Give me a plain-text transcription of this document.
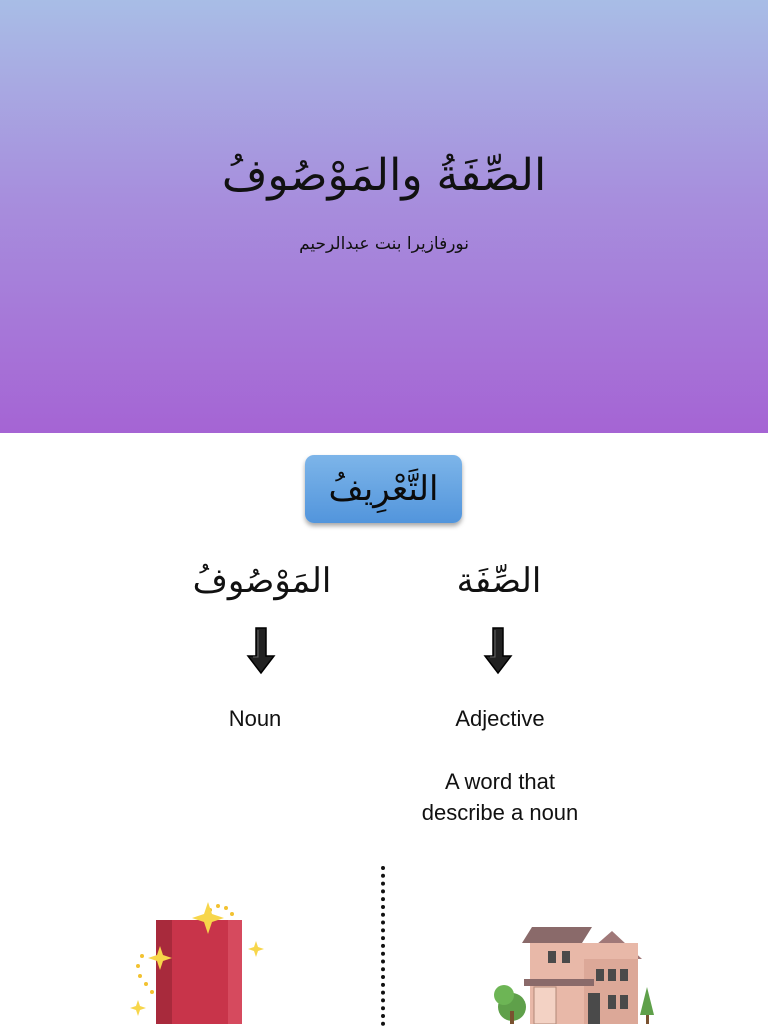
الصِّفَةُ والمَوْصُوفُ
نورفازيرا بنت عبدالرحيم
التَّعْرِيفُ
المَوْصُوفُ	الصِّفَة
Noun	Adjective
A word that
describe a noun
